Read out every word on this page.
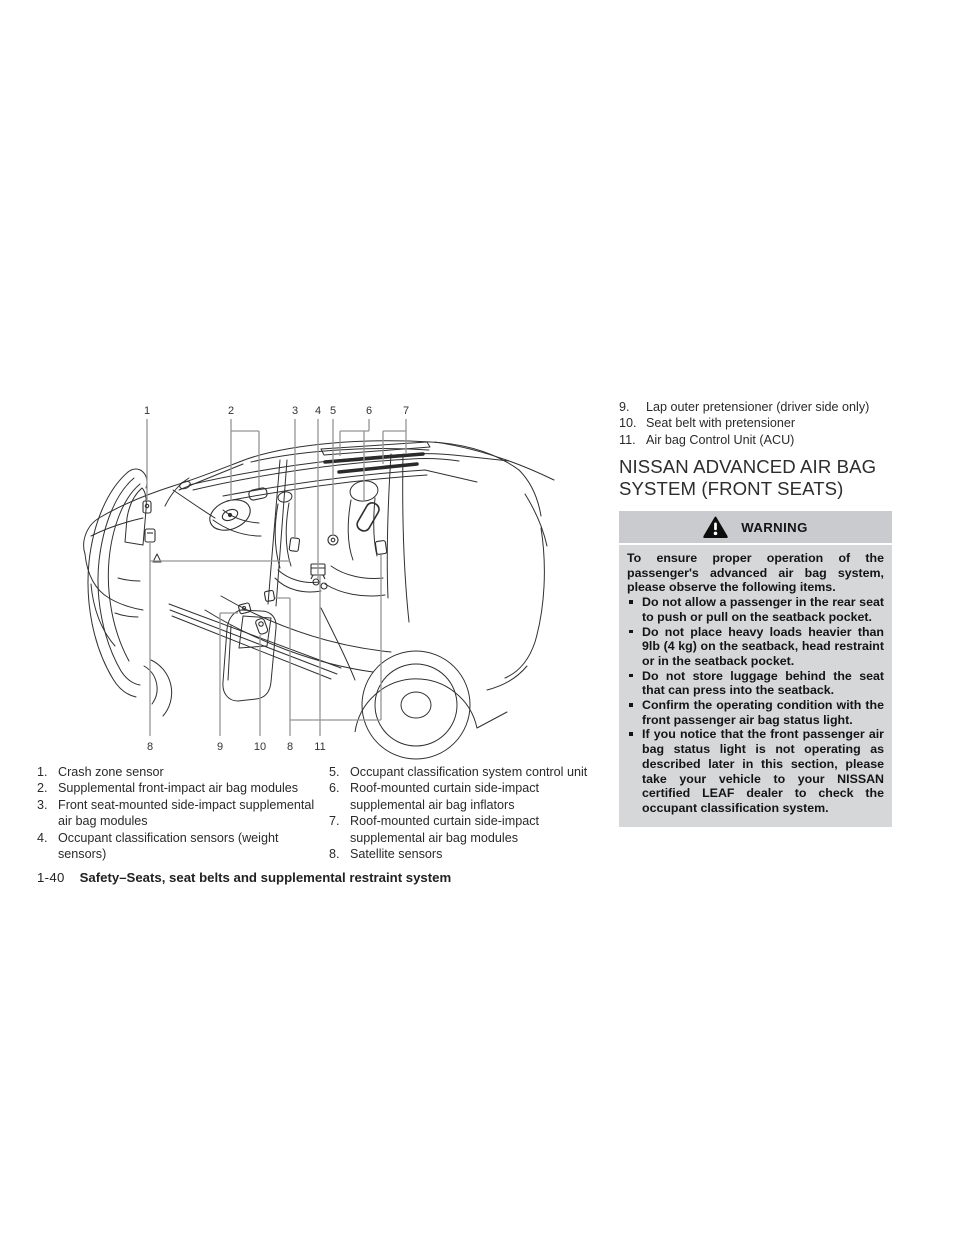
1	2	3 4 5	6	7
8	9	10 8 11
1. Crash zone sensor
2. Supplemental front-impact air bag modules
3. Front seat-mounted side-impact supplemental air bag modules
4. Occupant classification sensors (weight sensors)
5. Occupant classification system control unit
6. Roof-mounted curtain side-impact supplemental air bag inflators
7. Roof-mounted curtain side-impact supplemental air bag modules
8. Satellite sensors
9.	Lap outer pretensioner (driver side only)
10. Seat belt with pretensioner
11. Air bag Control Unit (ACU)
NISSAN ADVANCED AIR BAG SYSTEM (FRONT SEATS)
WARNING
To ensure proper operation of the passenger's advanced air bag system, please observe the following items.
Do not allow a passenger in the rear seat to push or pull on the seatback pocket.
Do not place heavy loads heavier than 9lb (4 kg) on the seatback, head restraint or in the seatback pocket.
Do not store luggage behind the seat that can press into the seatback.
Confirm the operating condition with the front passenger air bag status light.
If you notice that the front passenger air bag status light is not operating as described later in this section, please take your vehicle to your NISSAN certified LEAF dealer to check the occupant classification system.
1-40 Safety–Seats, seat belts and supplemental restraint system
